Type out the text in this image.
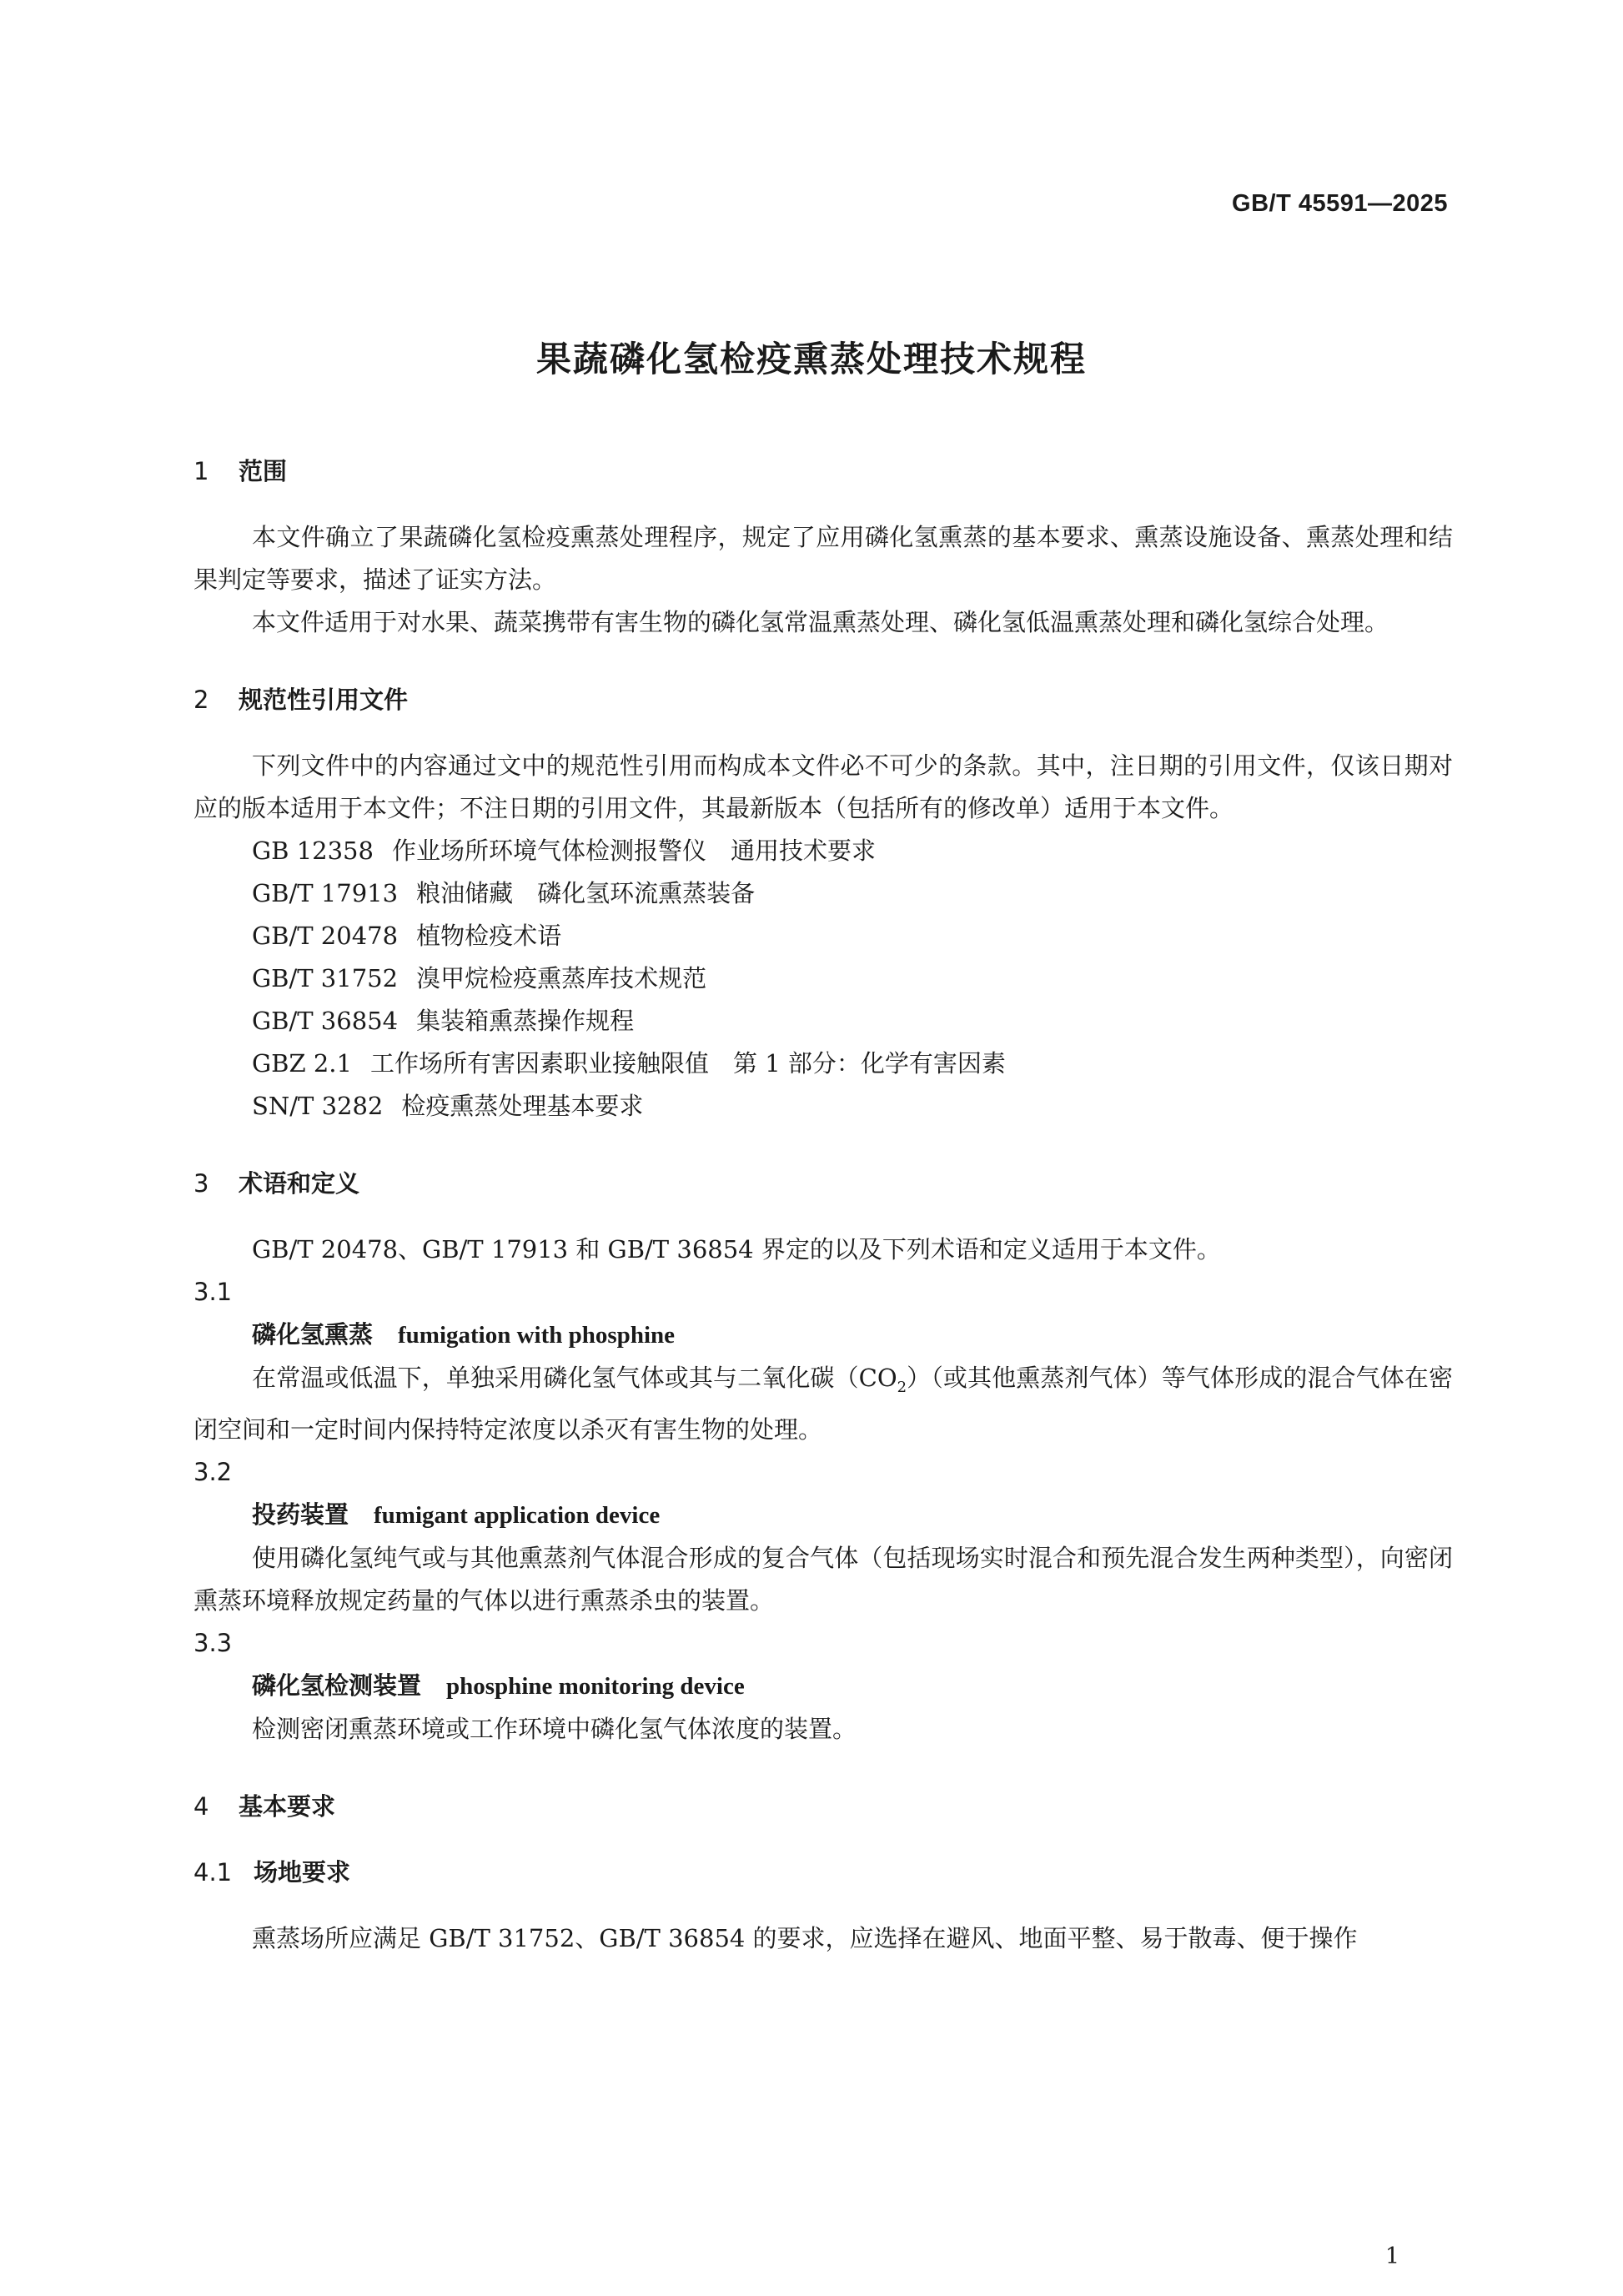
GB/T 45591—2025
果蔬磷化氢检疫熏蒸处理技术规程

1 范围

本文件确立了果蔬磷化氢检疫熏蒸处理程序，规定了应用磷化氢熏蒸的基本要求、熏蒸设施设备、熏蒸处理和结果判定等要求，描述了证实方法。

本文件适用于对水果、蔬菜携带有害生物的磷化氢常温熏蒸处理、磷化氢低温熏蒸处理和磷化氢综合处理。

2 规范性引用文件

下列文件中的内容通过文中的规范性引用而构成本文件必不可少的条款。其中，注日期的引用文件，仅该日期对应的版本适用于本文件；不注日期的引用文件，其最新版本（包括所有的修改单）适用于本文件。

GB 12358 作业场所环境气体检测报警仪　通用技术要求
GB/T 17913 粮油储藏　磷化氢环流熏蒸装备
GB/T 20478 植物检疫术语
GB/T 31752 溴甲烷检疫熏蒸库技术规范
GB/T 36854 集装箱熏蒸操作规程
GBZ 2.1 工作场所有害因素职业接触限值　第 1 部分：化学有害因素
SN/T 3282 检疫熏蒸处理基本要求

3 术语和定义

GB/T 20478、GB/T 17913 和 GB/T 36854 界定的以及下列术语和定义适用于本文件。

3.1

磷化氢熏蒸 fumigation with phosphine

在常温或低温下，单独采用磷化氢气体或其与二氧化碳$(CO_2)$（或其他熏蒸剂气体）等气体形成的混合气体在密闭空间和一定时间内保持特定浓度以杀灭有害生物的处理。

3.2

投药装置 fumigant application device

使用磷化氢纯气或与其他熏蒸剂气体混合形成的复合气体（包括现场实时混合和预先混合发生两种类型），向密闭熏蒸环境释放规定药量的气体以进行熏蒸杀虫的装置。

3.3

磷化氢检测装置 phosphine monitoring device

检测密闭熏蒸环境或工作环境中磷化氢气体浓度的装置。

4 基本要求

4.1 场地要求

熏蒸场所应满足 GB/T 31752、GB/T 36854 的要求，应选择在避风、地面平整、易于散毒、便于操作

1
